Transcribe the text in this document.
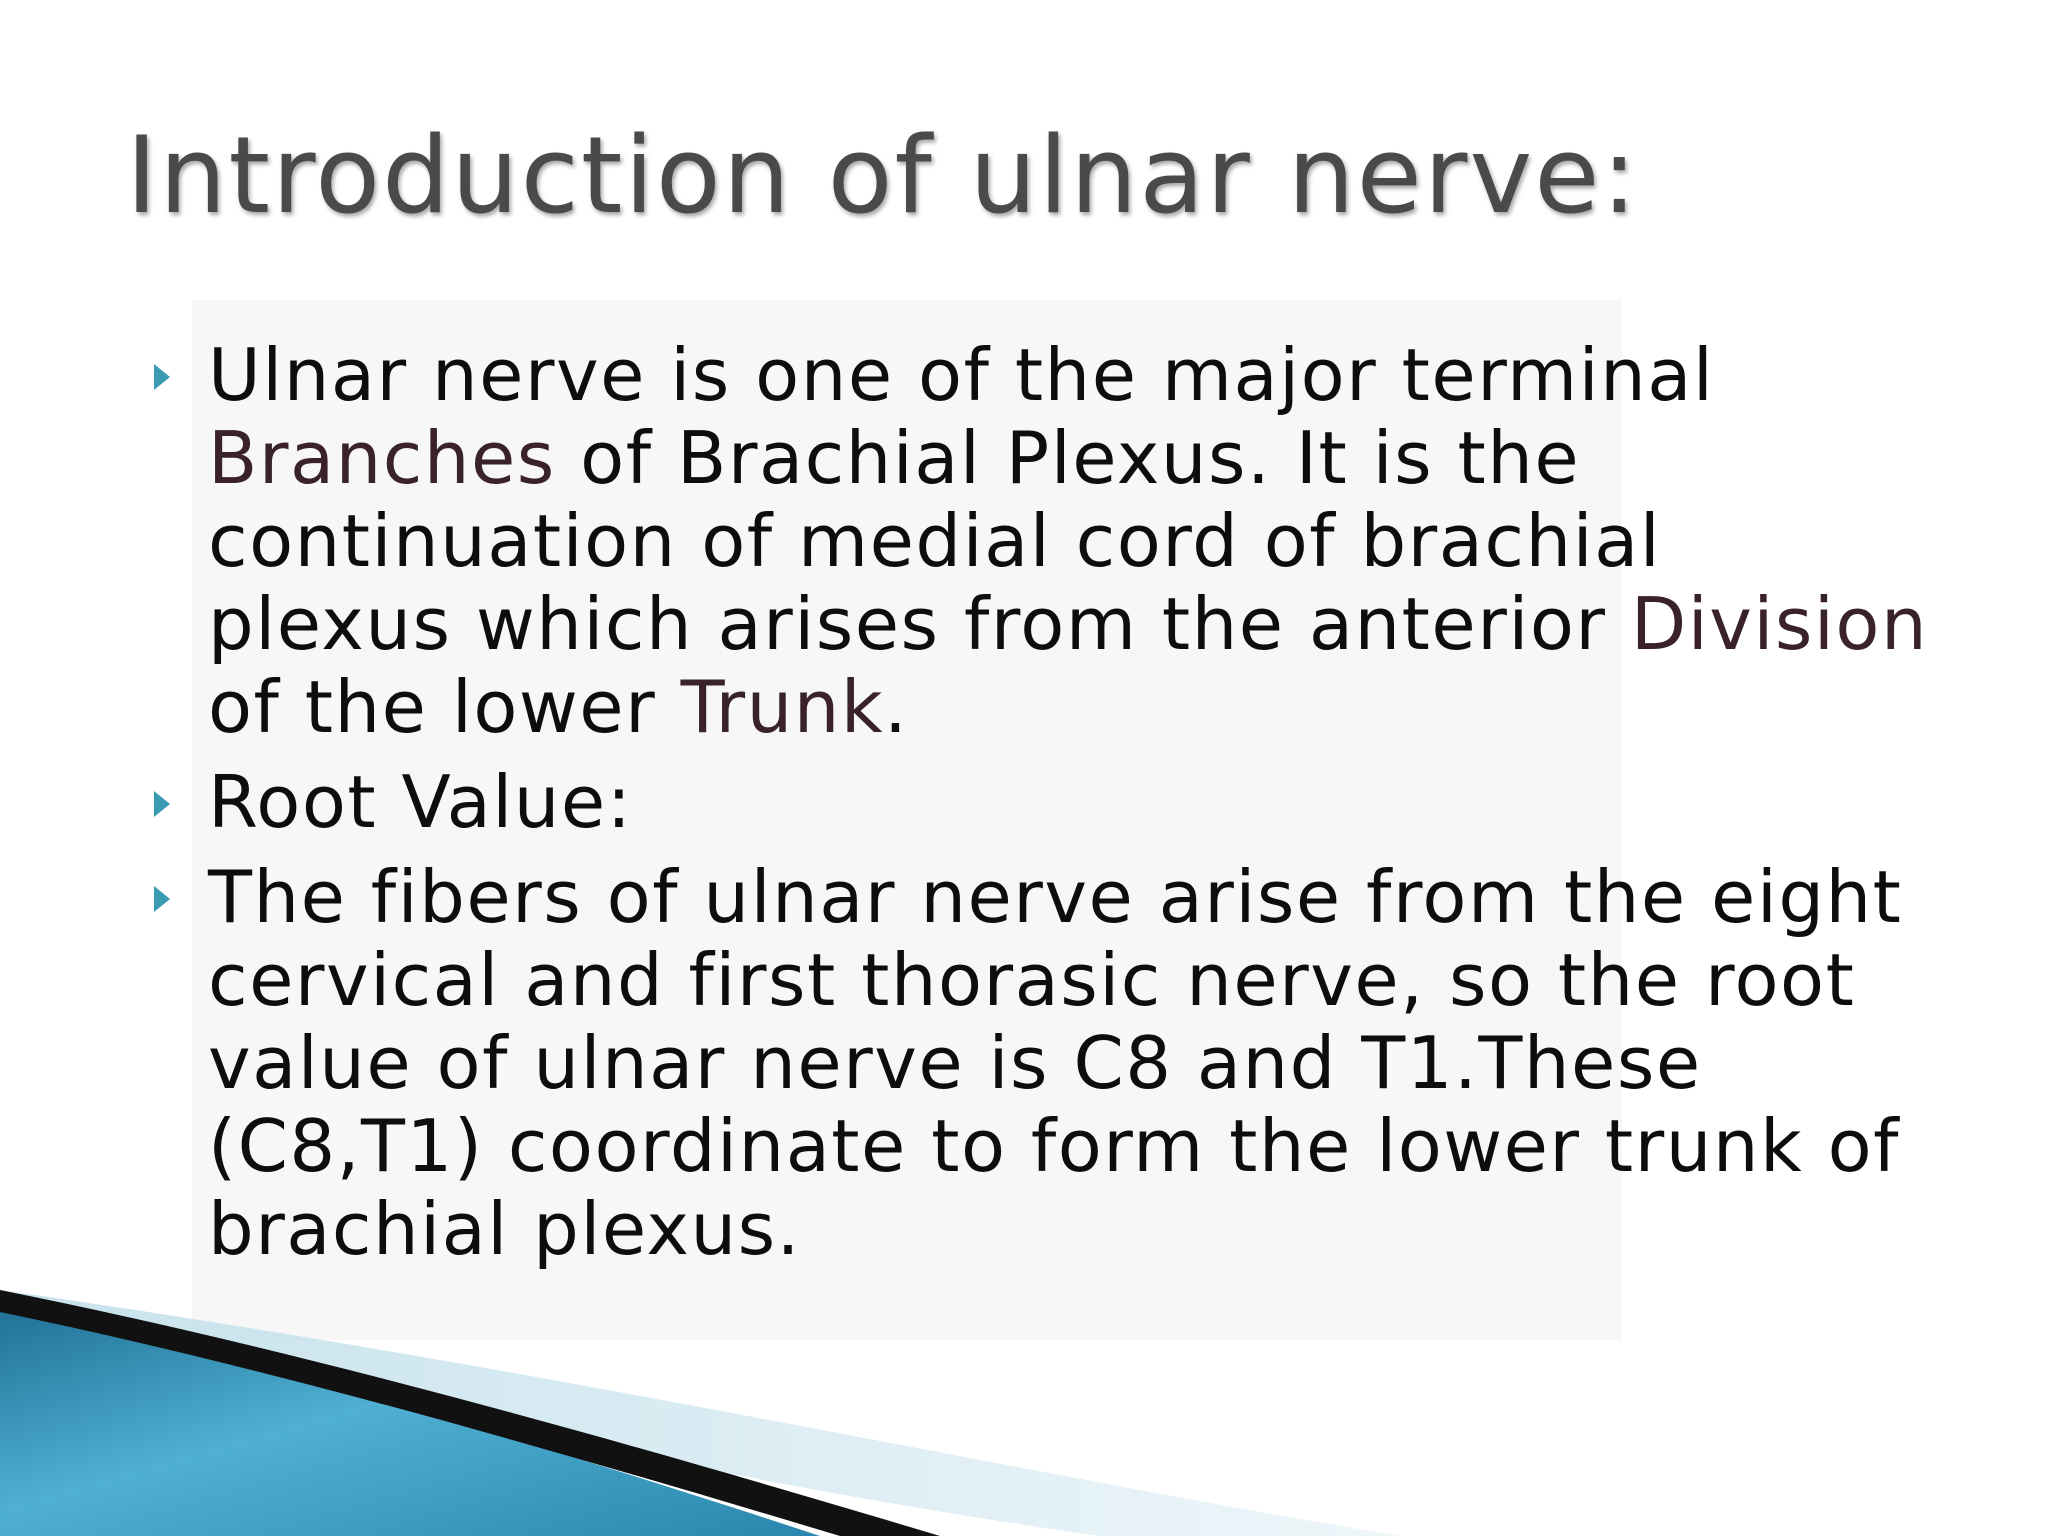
Introduction of ulnar nerve:
Ulnar nerve is one of the major terminal
Branches of Brachial Plexus. It is the
continuation of medial cord of brachial
plexus which arises from the anterior Division
of the lower Trunk.
Root Value:
The fibers of ulnar nerve arise from the eight
cervical and first thorasic nerve, so the root
value of ulnar nerve is C8 and T1.These
(C8,T1) coordinate to form the lower trunk of
brachial plexus.
